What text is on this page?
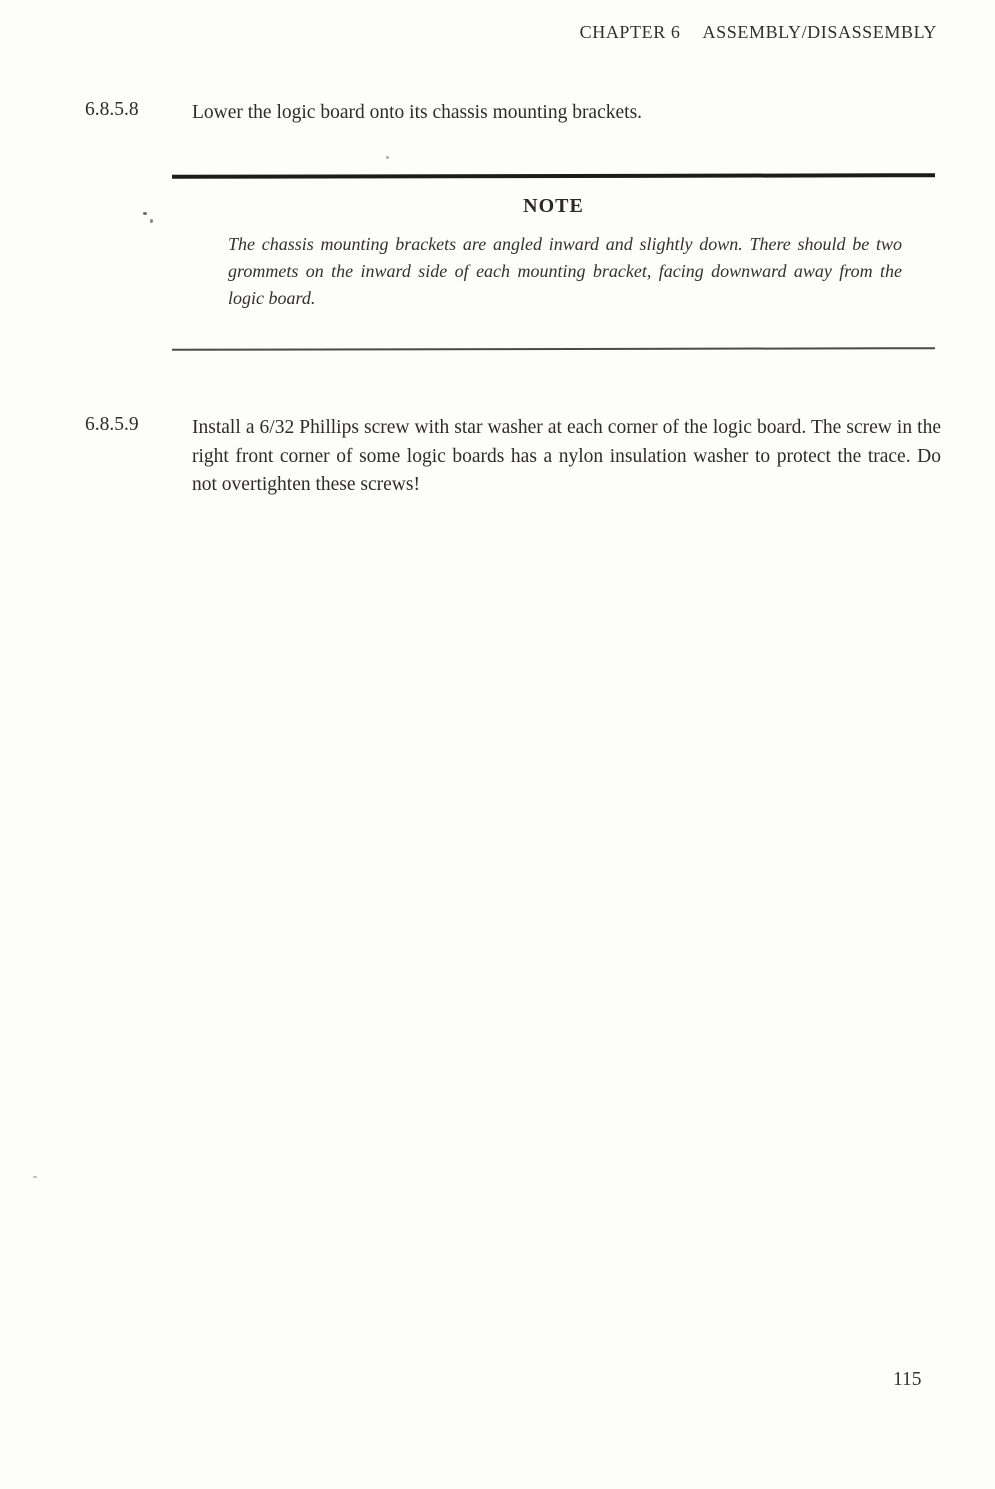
CHAPTER 6 ASSEMBLY/DISASSEMBLY
6.8.5.8	Lower the logic board onto its chassis mounting brackets.
NOTE
The chassis mounting brackets are angled inward and slightly down. There should be two grommets on the inward side of each mounting bracket, facing downward away from the logic board.
6.8.5.9	Install a 6/32 Phillips screw with star washer at each corner of the logic board. The screw in the right front corner of some logic boards has a nylon insulation washer to protect the trace. Do not overtighten these screws!
115
